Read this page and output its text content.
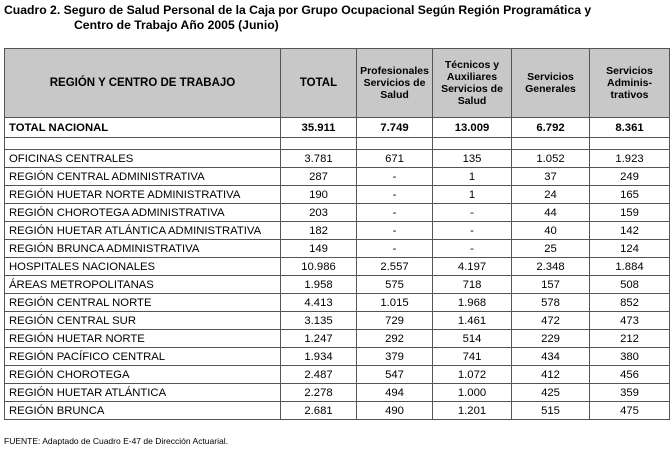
Cuadro 2. Seguro de Salud Personal de la Caja por Grupo Ocupacional Según Región Programática y
Centro de Trabajo Año 2005 (Junio)
REGIÓN Y CENTRO DE TRABAJO	TOTAL	Profesionales Servicios de Salud	Técnicos y Auxiliares Servicios de Salud	Servicios Generales	Servicios Adminis-trativos
TOTAL NACIONAL	35.911	7.749	13.009	6.792	8.361

OFICINAS CENTRALES	3.781	671	135	1.052	1.923
REGIÓN CENTRAL ADMINISTRATIVA	287	-	1	37	249
REGIÓN HUETAR NORTE ADMINISTRATIVA	190	-	1	24	165
REGIÓN CHOROTEGA ADMINISTRATIVA	203	-	-	44	159
REGIÓN HUETAR ATLÁNTICA ADMINISTRATIVA	182	-	-	40	142
REGIÓN BRUNCA ADMINISTRATIVA	149	-	-	25	124
HOSPITALES NACIONALES	10.986	2.557	4.197	2.348	1.884
ÁREAS METROPOLITANAS	1.958	575	718	157	508
REGIÓN CENTRAL NORTE	4.413	1.015	1.968	578	852
REGIÓN CENTRAL SUR	3.135	729	1.461	472	473
REGIÓN HUETAR NORTE	1.247	292	514	229	212
REGIÓN PACÍFICO CENTRAL	1.934	379	741	434	380
REGIÓN CHOROTEGA	2.487	547	1.072	412	456
REGIÓN HUETAR ATLÁNTICA	2.278	494	1.000	425	359
REGIÓN BRUNCA	2.681	490	1.201	515	475
FUENTE: Adaptado de Cuadro E-47 de Dirección Actuarial.
